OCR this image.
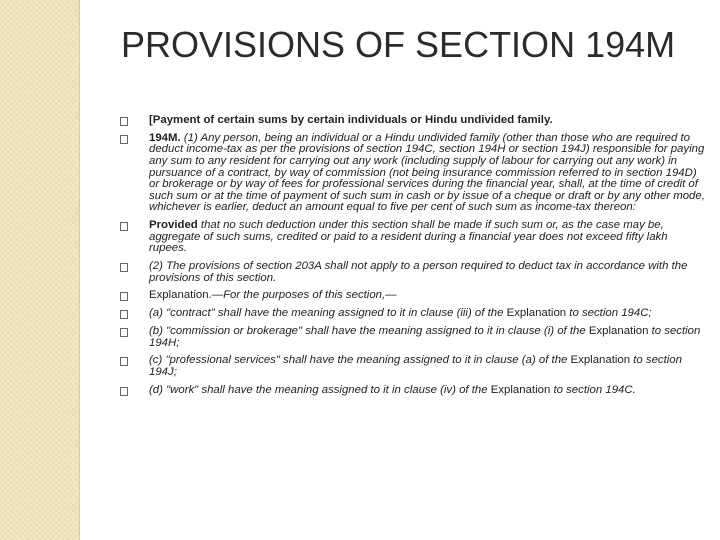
PROVISIONS OF SECTION 194M
[Payment of certain sums by certain individuals or Hindu undivided family.
194M. (1) Any person, being an individual or a Hindu undivided family (other than those who are required to deduct income-tax as per the provisions of section 194C, section 194H or section 194J) responsible for paying any sum to any resident for carrying out any work (including supply of labour for carrying out any work) in pursuance of a contract, by way of commission (not being insurance commission referred to in section 194D) or brokerage or by way of fees for professional services during the financial year, shall, at the time of credit of such sum or at the time of payment of such sum in cash or by issue of a cheque or draft or by any other mode, whichever is earlier, deduct an amount equal to five per cent of such sum as income-tax thereon:
Provided that no such deduction under this section shall be made if such sum or, as the case may be, aggregate of such sums, credited or paid to a resident during a financial year does not exceed fifty lakh rupees.
(2) The provisions of section 203A shall not apply to a person required to deduct tax in accordance with the provisions of this section.
Explanation.—For the purposes of this section,—
(a) "contract" shall have the meaning assigned to it in clause (iii) of the Explanation to section 194C;
(b) "commission or brokerage" shall have the meaning assigned to it in clause (i) of the Explanation to section 194H;
(c) "professional services" shall have the meaning assigned to it in clause (a) of the Explanation to section 194J;
(d) "work" shall have the meaning assigned to it in clause (iv) of the Explanation to section 194C.
